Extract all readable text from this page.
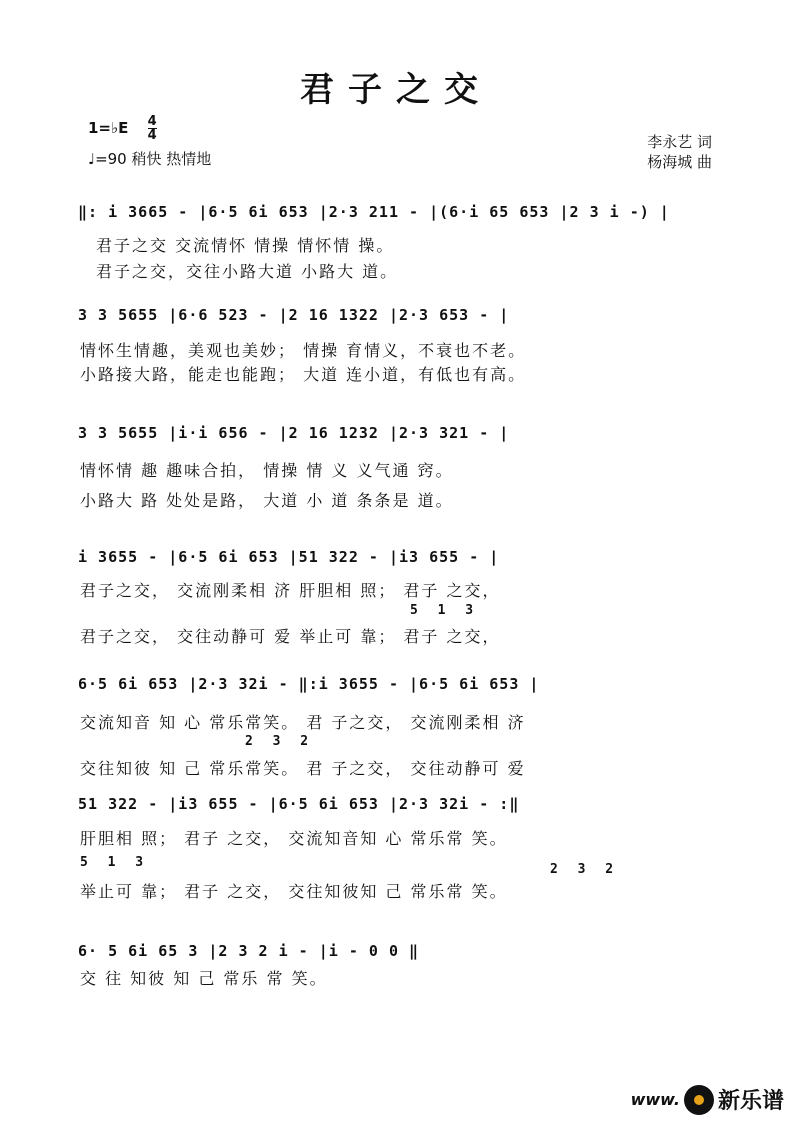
君子之交
1=♭E $\frac{4}{4}$
♩=90 稍快 热情地
李永艺 词
杨海城 曲
‖: i 3665 - |6·5 6i 653 |2·3 211 - |(6·i 65 653 |2 3 i -) |
君子之交 交流情怀 情操 情怀情 操。
君子之交，交往小路大道 小路大 道。
3 3 5655 |6·6 523 - |2 16 1322 |2·3 653 - |
情怀生情趣，美观也美妙； 情操 育情义，不衰也不老。
小路接大路，能走也能跑； 大道 连小道，有低也有高。
3 3 5655 |i·i 656 - |2 16 1232 |2·3 321 - |
情怀情 趣 趣味合拍， 情操 情 义 义气通 窍。
小路大 路 处处是路， 大道 小 道 条条是 道。
i 3655 - |6·5 6i 653 |51 322 - |i3 655 - |
君子之交， 交流刚柔相 济 肝胆相 照； 君子 之交，
5 1 3
君子之交， 交往动静可 爱 举止可 靠； 君子 之交，
6·5 6i 653 |2·3 32i - ‖:i 3655 - |6·5 6i 653 |
交流知音 知 心 常乐常笑。 君 子之交， 交流刚柔相 济
2 3 2
交往知彼 知 己 常乐常笑。 君 子之交， 交往动静可 爱
51 322 - |i3 655 - |6·5 6i 653 |2·3 32i - :‖
肝胆相 照； 君子 之交， 交流知音知 心 常乐常 笑。
5 1 3	2 3 2
举止可 靠； 君子 之交， 交往知彼知 己 常乐常 笑。
6· 5 6i 65 3 |2 3 2 i - |i - 0 0 ‖
交 往 知彼 知 己 常乐 常 笑。
www. 新乐谱
